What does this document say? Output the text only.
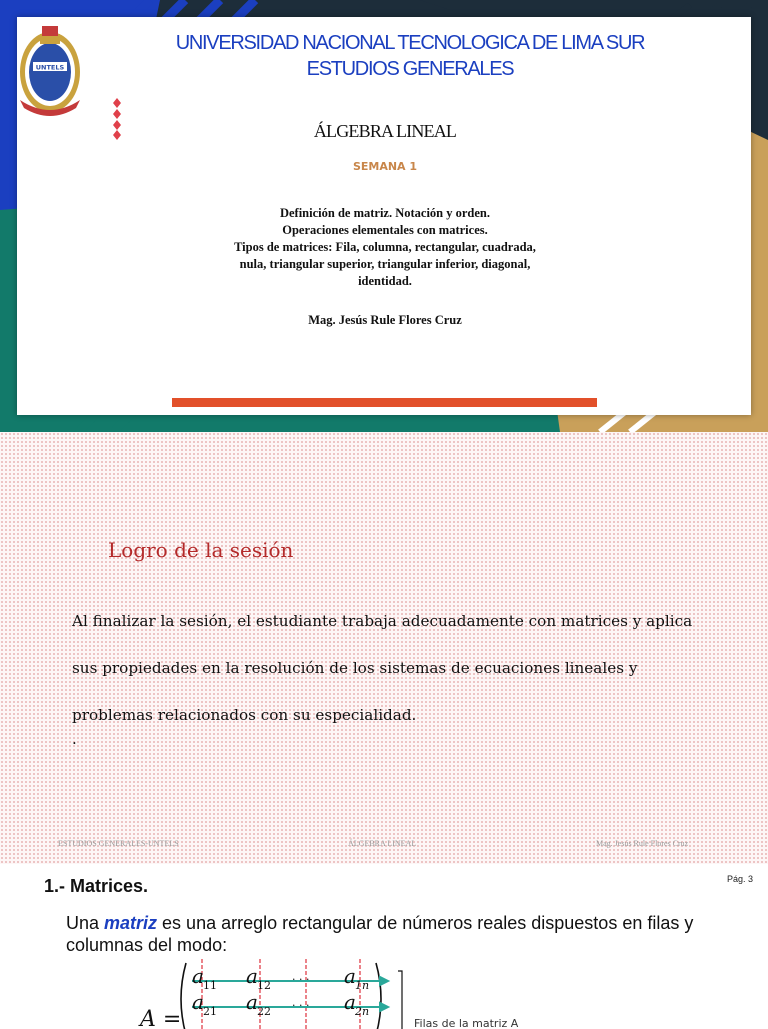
UNTELS
UNIVERSIDAD NACIONAL TECNOLOGICA DE LIMA SUR
ESTUDIOS GENERALES
ÁLGEBRA LINEAL
SEMANA 1
Definición de matriz. Notación y orden.
Operaciones elementales con matrices.
Tipos de matrices: Fila, columna, rectangular, cuadrada,
nula, triangular superior, triangular inferior, diagonal,
identidad.
Mag. Jesús Rule Flores Cruz
Logro de la sesión
Al finalizar la sesión, el estudiante trabaja adecuadamente con matrices y aplica
sus propiedades en la resolución de los sistemas de ecuaciones lineales y
problemas relacionados con su especialidad.
.
ESTUDIOS GENERALES-UNTELS	ÁLGEBRA LINEAL	Mag. Jesús Rule Flores Cruz
1.- Matrices.	Pág. 3
Una matriz es una arreglo rectangular de números reales dispuestos en filas y columnas del modo:
A =
a 11 a 12 · · · a 1n
a 21 a 22 · · · a 2n
Filas de la matriz A
